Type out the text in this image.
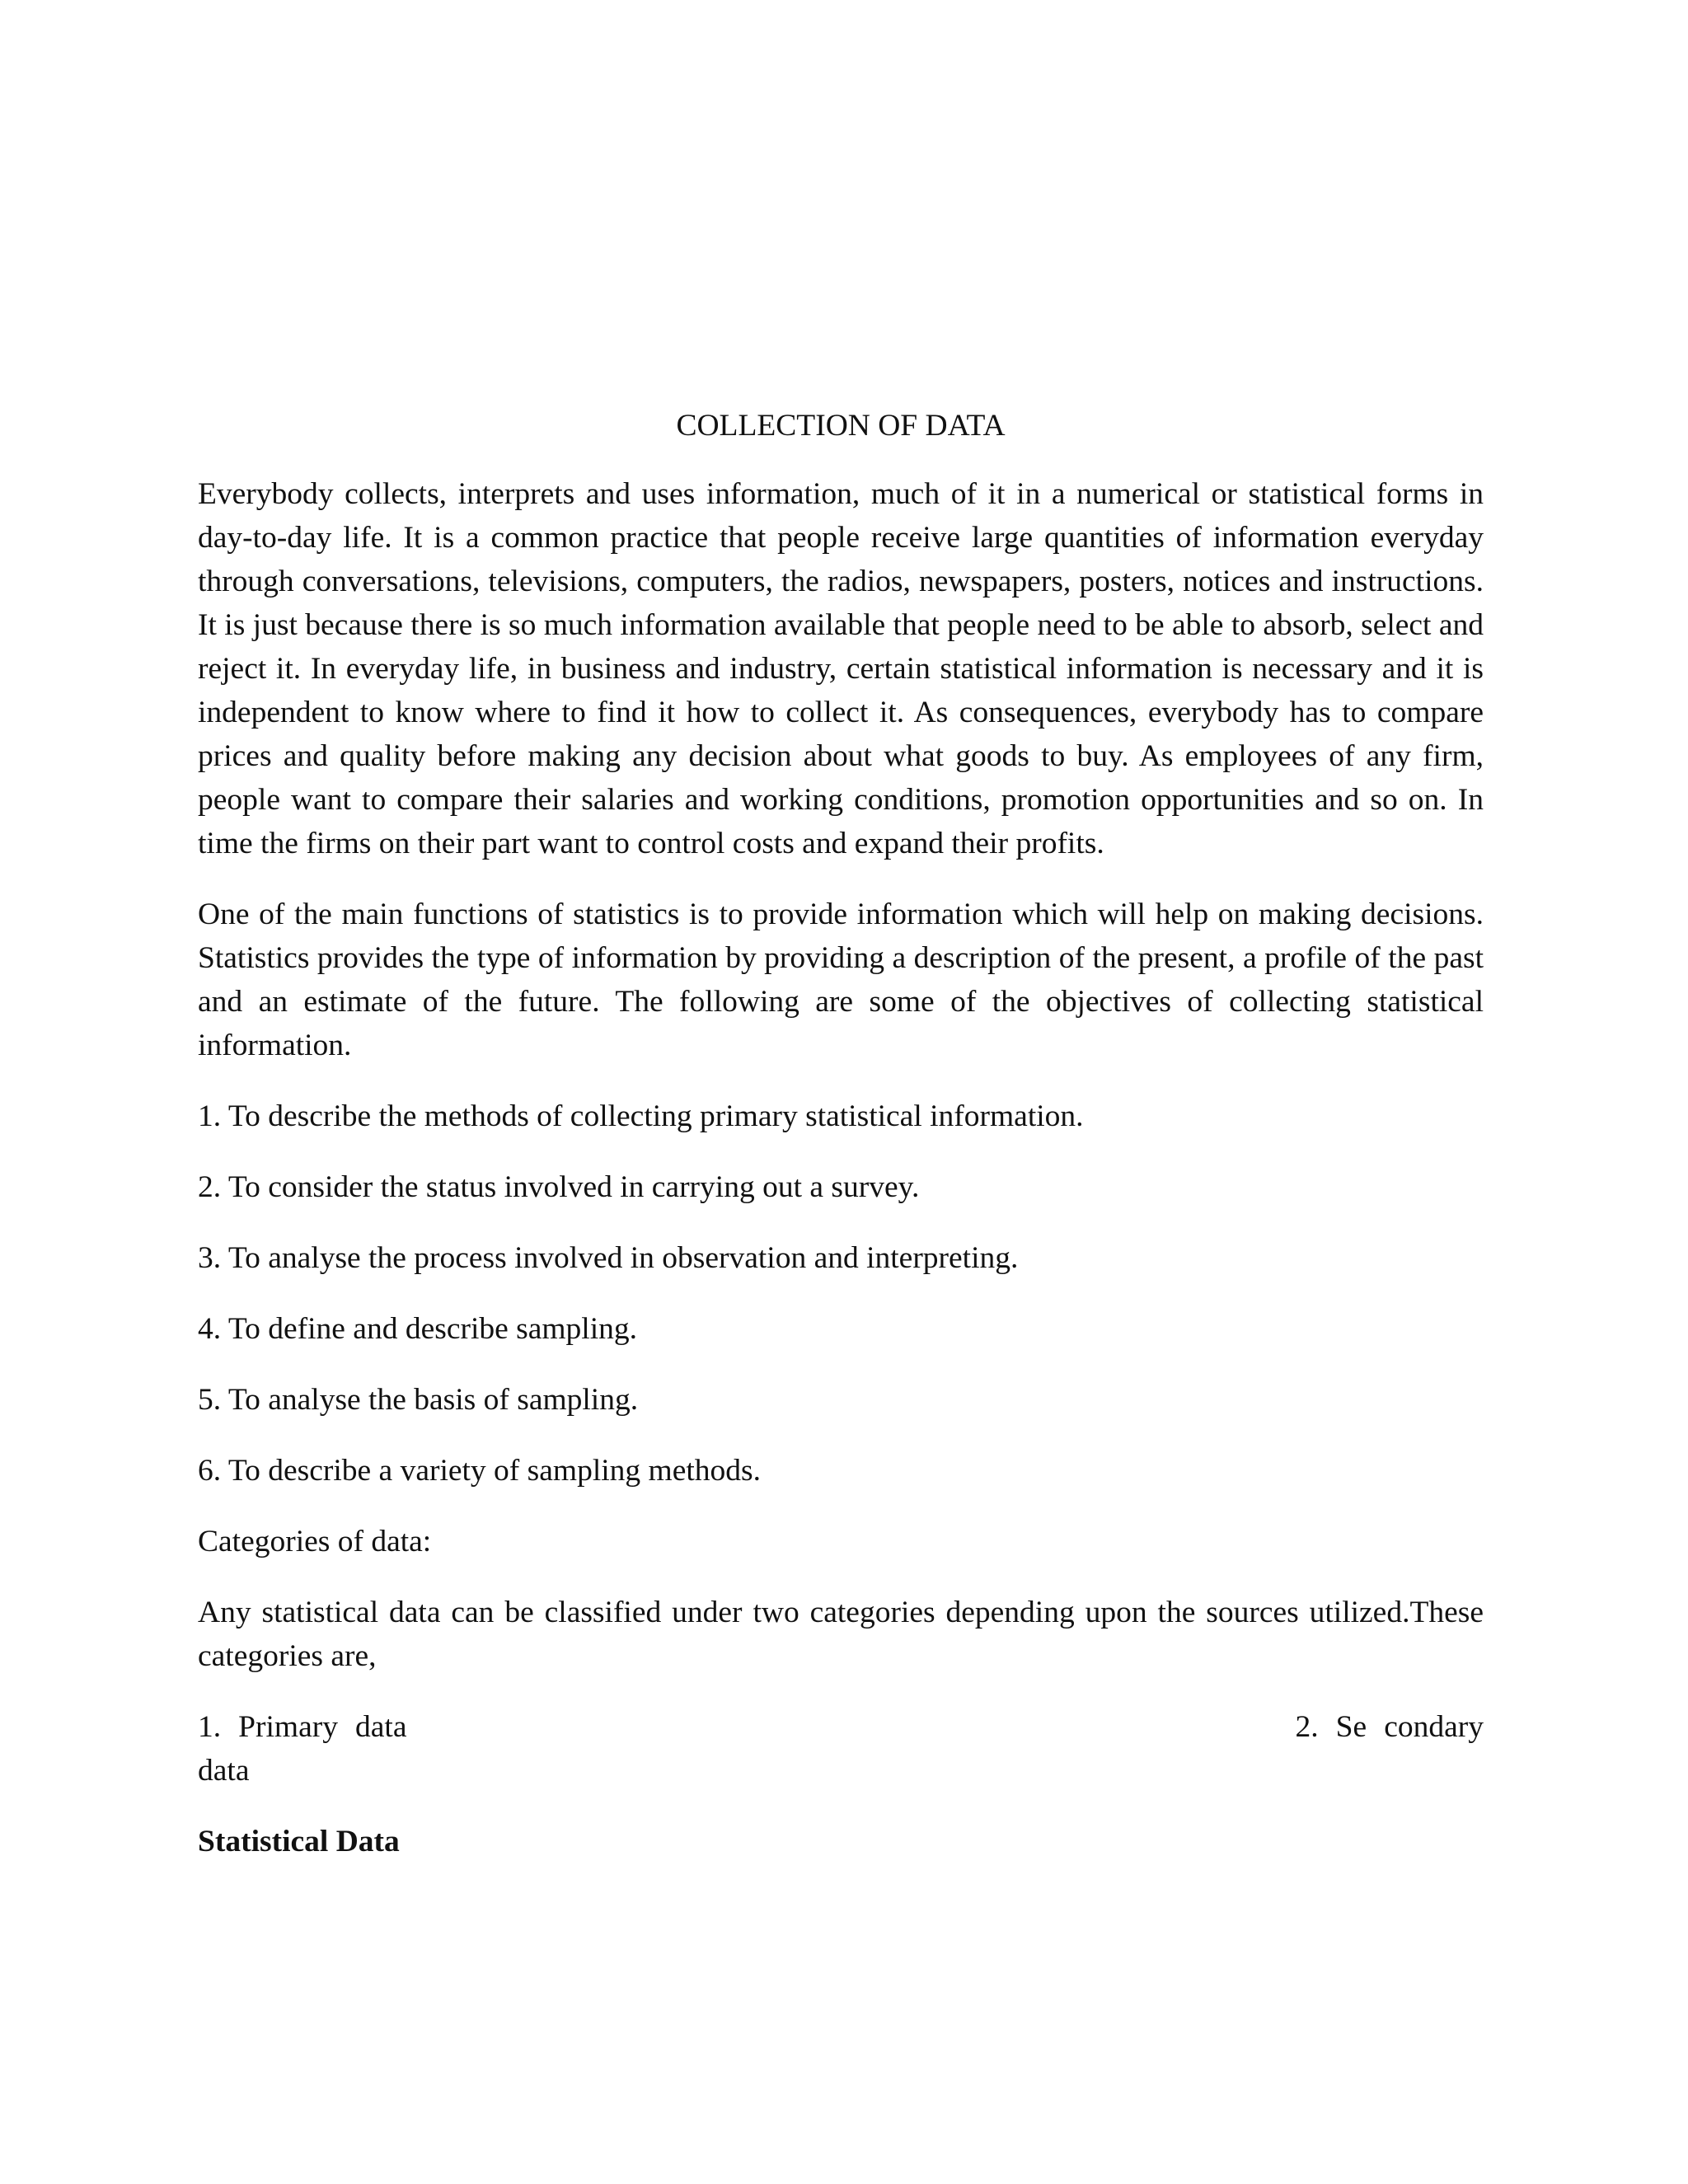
COLLECTION OF DATA

Everybody collects, interprets and uses information, much of it in a numerical or statistical forms in day-to-day life. It is a common practice that people receive large quantities of information everyday through conversations, televisions, computers, the radios, newspapers, posters, notices and instructions. It is just because there is so much information available that people need to be able to absorb, select and reject it. In everyday life, in business and industry, certain statistical information is necessary and it is independent to know where to find it how to collect it. As consequences, everybody has to compare prices and quality before making any decision about what goods to buy. As employees of any firm, people want to compare their salaries and working conditions, promotion opportunities and so on. In time the firms on their part want to control costs and expand their profits.

One of the main functions of statistics is to provide information which will help on making decisions. Statistics provides the type of information by providing a description of the present, a profile of the past and an estimate of the future. The following are some of the objectives of collecting statistical information.

1. To describe the methods of collecting primary statistical information.

2. To consider the status involved in carrying out a survey.

3. To analyse the process involved in observation and interpreting.

4. To define and describe sampling.

5. To analyse the basis of sampling.

6. To describe a variety of sampling methods.

Categories of data:

Any statistical data can be classified under two categories depending upon the sources utilized.These categories are,

1. Primary data	2. Se condary data

Statistical Data
